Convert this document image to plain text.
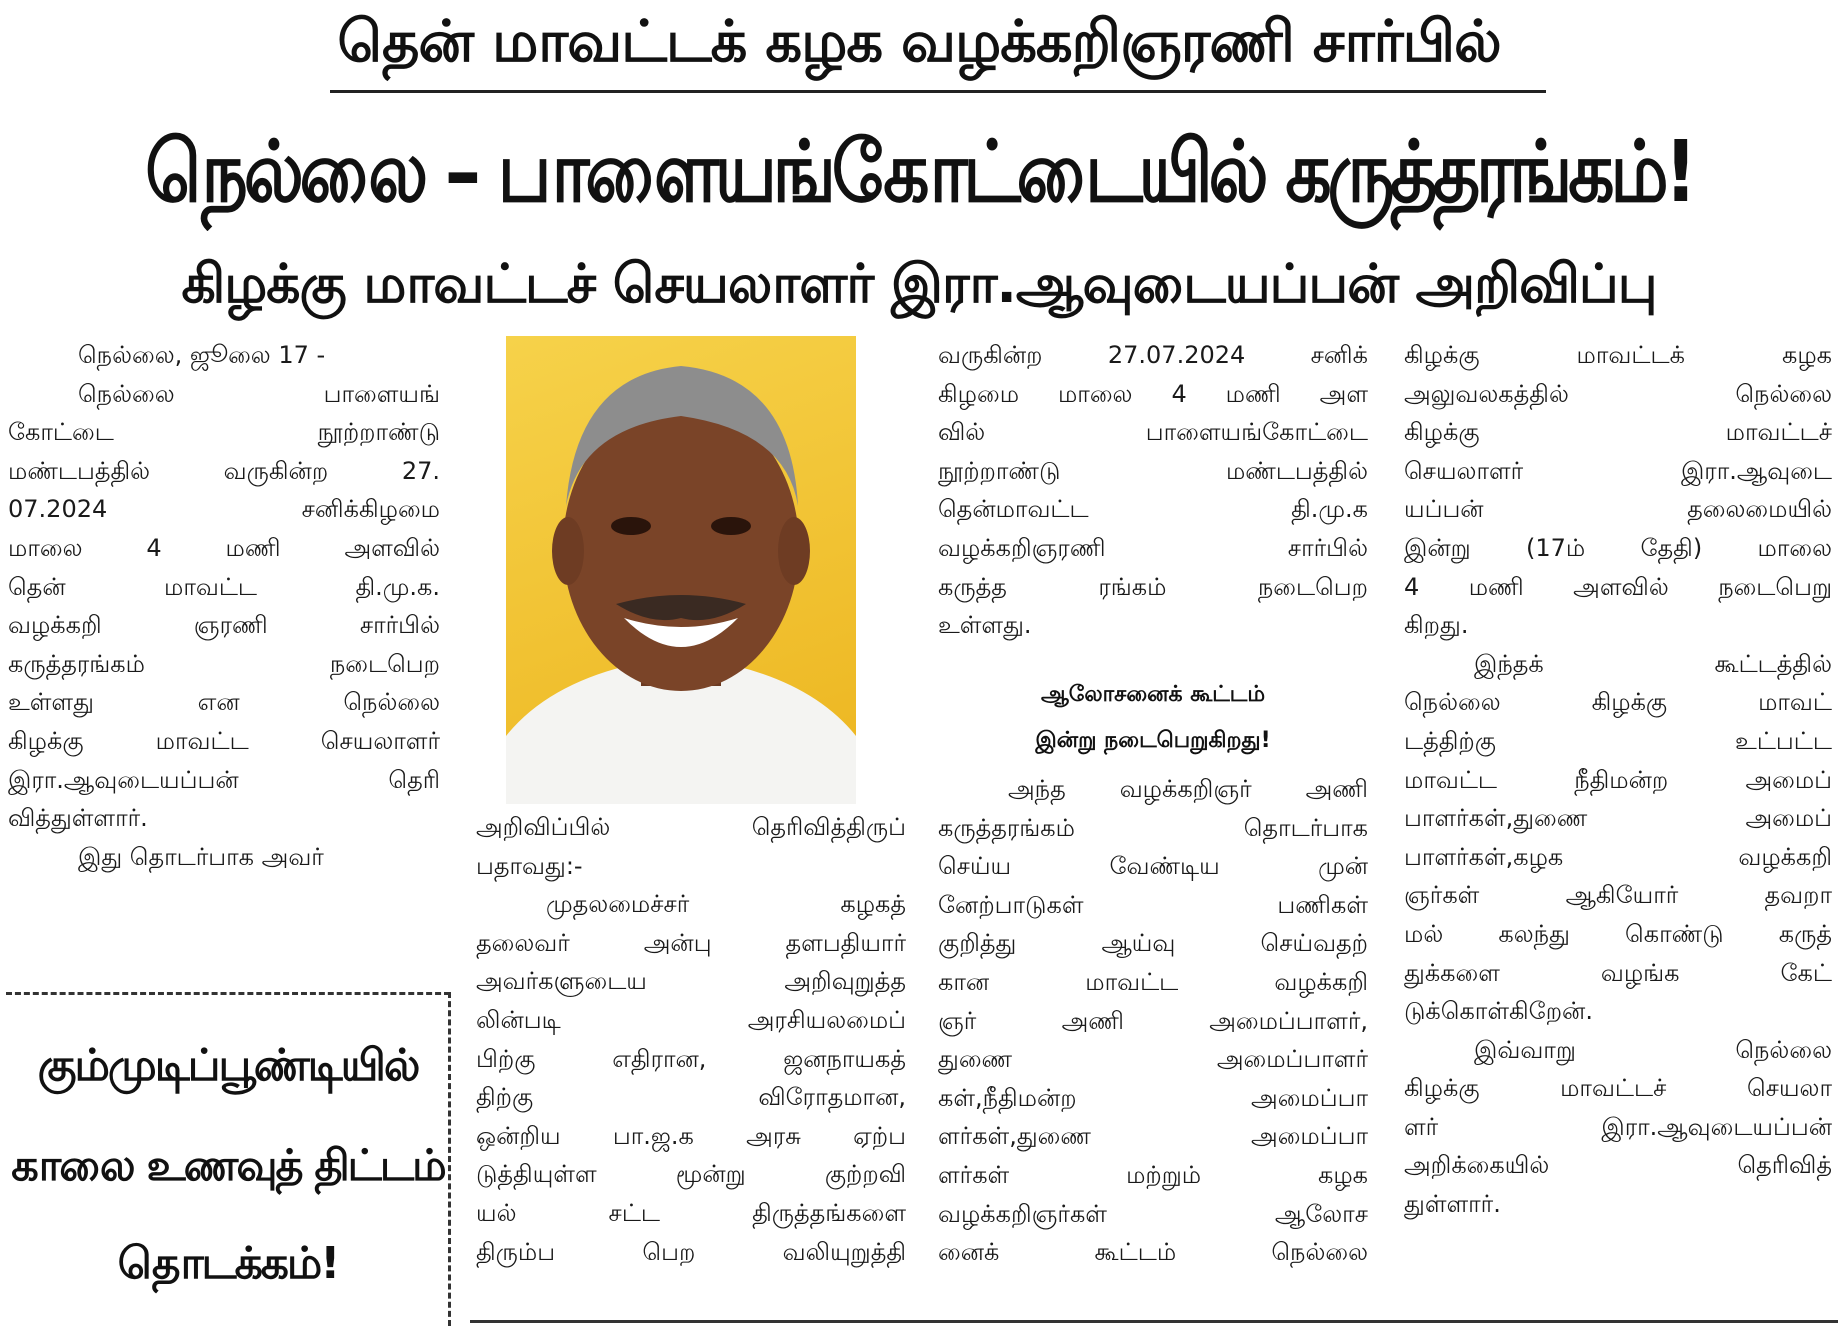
தென் மாவட்டக் கழக வழக்கறிஞரணி சார்பில்
நெல்லை – பாளையங்கோட்டையில் கருத்தரங்கம்!
கிழக்கு மாவட்டச் செயலாளர் இரா.ஆவுடையப்பன் அறிவிப்பு
நெல்லை, ஜூலை 17 -
நெல்லை பாளையங்
கோட்டை நூற்றாண்டு
மண்டபத்தில் வருகின்ற 27.
07.2024 சனிக்கிழமை
மாலை 4 மணி அளவில்
தென் மாவட்ட தி.மு.க.
வழக்கறி ஞரணி சார்பில்
கருத்தரங்கம் நடைபெற
உள்ளது என நெல்லை
கிழக்கு மாவட்ட செயலாளர்
இரா.ஆவுடையப்பன் தெரி
வித்துள்ளார்.
இது தொடர்பாக அவர்
அறிவிப்பில் தெரிவித்திருப்
பதாவது:-
முதலமைச்சர் கழகத்
தலைவர் அன்பு தளபதியார்
அவர்களுடைய அறிவுறுத்த
லின்படி அரசியலமைப்
பிற்கு எதிரான, ஜனநாயகத்
திற்கு விரோதமான,
ஒன்றிய பா.ஜ.க அரசு ஏற்ப
டுத்தியுள்ள மூன்று குற்றவி
யல் சட்ட திருத்தங்களை
திரும்ப பெற வலியுறுத்தி
வருகின்ற 27.07.2024 சனிக்
கிழமை மாலை 4 மணி அள
வில் பாளையங்கோட்டை
நூற்றாண்டு மண்டபத்தில்
தென்மாவட்ட தி.மு.க
வழக்கறிஞரணி சார்பில்
கருத்த ரங்கம் நடைபெற
உள்ளது.
ஆலோசனைக் கூட்டம்
இன்று நடைபெறுகிறது!
அந்த வழக்கறிஞர் அணி
கருத்தரங்கம் தொடர்பாக
செய்ய வேண்டிய முன்
னேற்பாடுகள் பணிகள்
குறித்து ஆய்வு செய்வதற்
கான மாவட்ட வழக்கறி
ஞர் அணி அமைப்பாளர்,
துணை அமைப்பாளர்
கள்,நீதிமன்ற அமைப்பா
ளர்கள்,துணை அமைப்பா
ளர்கள் மற்றும் கழக
வழக்கறிஞர்கள் ஆலோச
னைக் கூட்டம் நெல்லை
கிழக்கு மாவட்டக் கழக
அலுவலகத்தில் நெல்லை
கிழக்கு மாவட்டச்
செயலாளர் இரா.ஆவுடை
யப்பன் தலைமையில்
இன்று (17ம் தேதி) மாலை
4 மணி அளவில் நடைபெறு
கிறது.
இந்தக் கூட்டத்தில்
நெல்லை கிழக்கு மாவட்
டத்திற்கு உட்பட்ட
மாவட்ட நீதிமன்ற அமைப்
பாளர்கள்,துணை அமைப்
பாளர்கள்,கழக வழக்கறி
ஞர்கள் ஆகியோர் தவறா
மல் கலந்து கொண்டு கருத்
துக்களை வழங்க கேட்
டுக்கொள்கிறேன்.
இவ்வாறு நெல்லை
கிழக்கு மாவட்டச் செயலா
ளர் இரா.ஆவுடையப்பன்
அறிக்கையில் தெரிவித்
துள்ளார்.
கும்முடிப்பூண்டியில்
காலை உணவுத் திட்டம்
தொடக்கம்!
